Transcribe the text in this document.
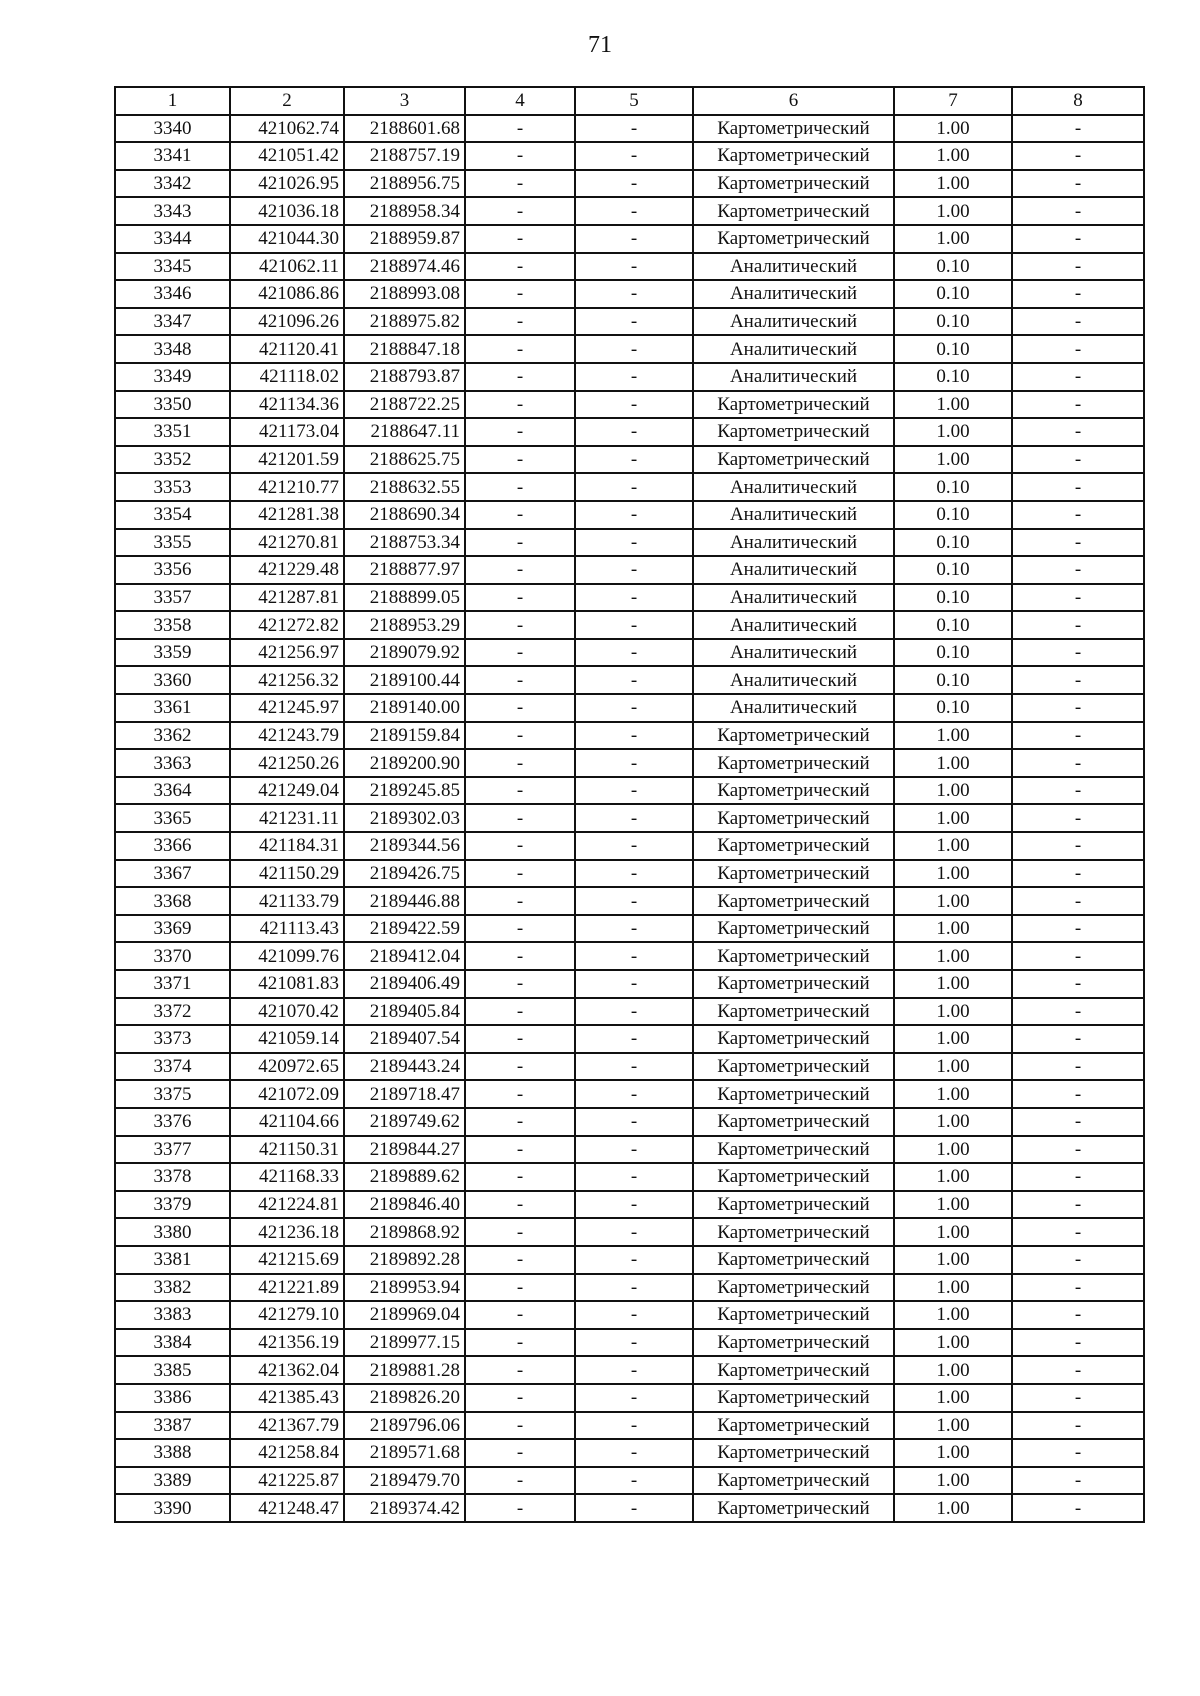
71
1	2	3	4	5	6	7	8
3340	421062.74	2188601.68	-	-	Картометрический	1.00	-
3341	421051.42	2188757.19	-	-	Картометрический	1.00	-
3342	421026.95	2188956.75	-	-	Картометрический	1.00	-
3343	421036.18	2188958.34	-	-	Картометрический	1.00	-
3344	421044.30	2188959.87	-	-	Картометрический	1.00	-
3345	421062.11	2188974.46	-	-	Аналитический	0.10	-
3346	421086.86	2188993.08	-	-	Аналитический	0.10	-
3347	421096.26	2188975.82	-	-	Аналитический	0.10	-
3348	421120.41	2188847.18	-	-	Аналитический	0.10	-
3349	421118.02	2188793.87	-	-	Аналитический	0.10	-
3350	421134.36	2188722.25	-	-	Картометрический	1.00	-
3351	421173.04	2188647.11	-	-	Картометрический	1.00	-
3352	421201.59	2188625.75	-	-	Картометрический	1.00	-
3353	421210.77	2188632.55	-	-	Аналитический	0.10	-
3354	421281.38	2188690.34	-	-	Аналитический	0.10	-
3355	421270.81	2188753.34	-	-	Аналитический	0.10	-
3356	421229.48	2188877.97	-	-	Аналитический	0.10	-
3357	421287.81	2188899.05	-	-	Аналитический	0.10	-
3358	421272.82	2188953.29	-	-	Аналитический	0.10	-
3359	421256.97	2189079.92	-	-	Аналитический	0.10	-
3360	421256.32	2189100.44	-	-	Аналитический	0.10	-
3361	421245.97	2189140.00	-	-	Аналитический	0.10	-
3362	421243.79	2189159.84	-	-	Картометрический	1.00	-
3363	421250.26	2189200.90	-	-	Картометрический	1.00	-
3364	421249.04	2189245.85	-	-	Картометрический	1.00	-
3365	421231.11	2189302.03	-	-	Картометрический	1.00	-
3366	421184.31	2189344.56	-	-	Картометрический	1.00	-
3367	421150.29	2189426.75	-	-	Картометрический	1.00	-
3368	421133.79	2189446.88	-	-	Картометрический	1.00	-
3369	421113.43	2189422.59	-	-	Картометрический	1.00	-
3370	421099.76	2189412.04	-	-	Картометрический	1.00	-
3371	421081.83	2189406.49	-	-	Картометрический	1.00	-
3372	421070.42	2189405.84	-	-	Картометрический	1.00	-
3373	421059.14	2189407.54	-	-	Картометрический	1.00	-
3374	420972.65	2189443.24	-	-	Картометрический	1.00	-
3375	421072.09	2189718.47	-	-	Картометрический	1.00	-
3376	421104.66	2189749.62	-	-	Картометрический	1.00	-
3377	421150.31	2189844.27	-	-	Картометрический	1.00	-
3378	421168.33	2189889.62	-	-	Картометрический	1.00	-
3379	421224.81	2189846.40	-	-	Картометрический	1.00	-
3380	421236.18	2189868.92	-	-	Картометрический	1.00	-
3381	421215.69	2189892.28	-	-	Картометрический	1.00	-
3382	421221.89	2189953.94	-	-	Картометрический	1.00	-
3383	421279.10	2189969.04	-	-	Картометрический	1.00	-
3384	421356.19	2189977.15	-	-	Картометрический	1.00	-
3385	421362.04	2189881.28	-	-	Картометрический	1.00	-
3386	421385.43	2189826.20	-	-	Картометрический	1.00	-
3387	421367.79	2189796.06	-	-	Картометрический	1.00	-
3388	421258.84	2189571.68	-	-	Картометрический	1.00	-
3389	421225.87	2189479.70	-	-	Картометрический	1.00	-
3390	421248.47	2189374.42	-	-	Картометрический	1.00	-
